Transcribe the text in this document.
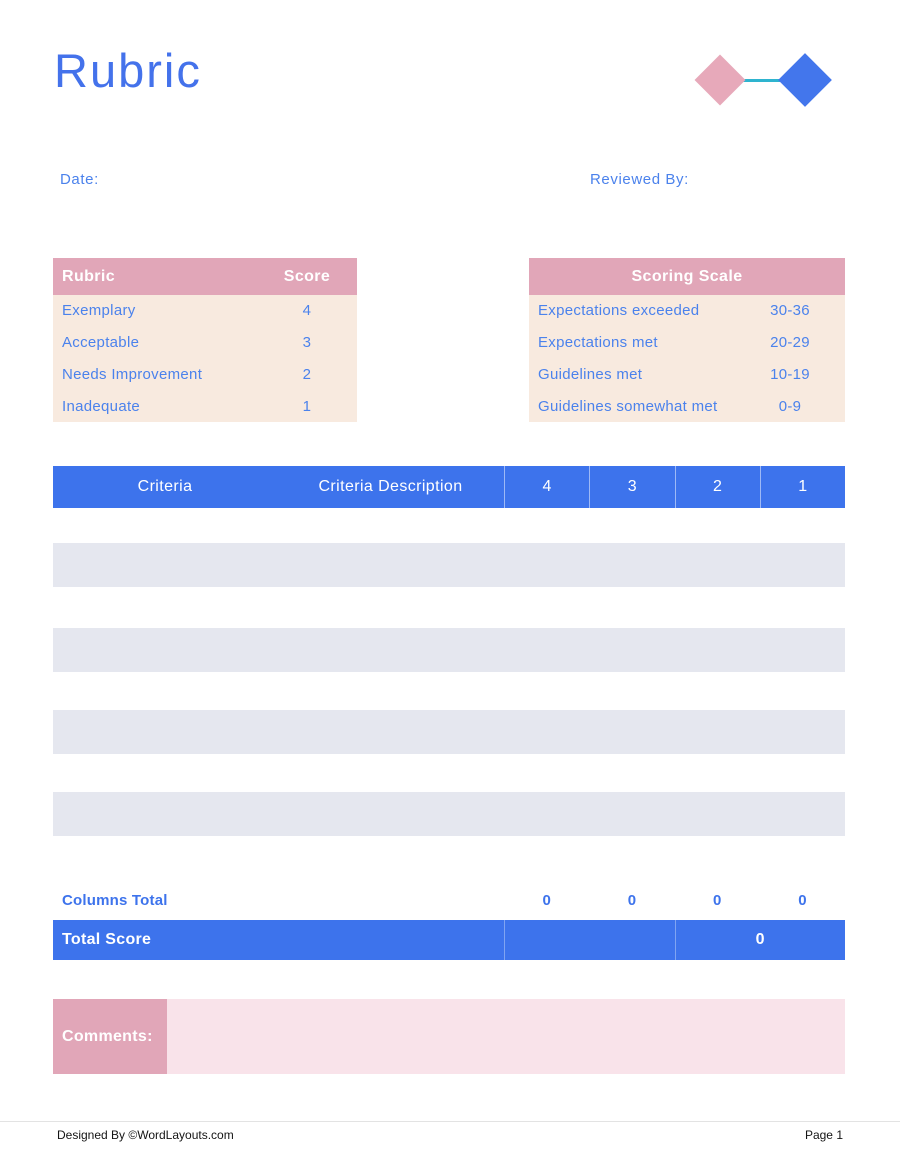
Rubric
Date:	Reviewed By:
Rubric	Score
Exemplary	4
Acceptable	3
Needs Improvement	2
Inadequate	1
Scoring Scale
Expectations exceeded	30-36
Expectations met	20-29
Guidelines met	10-19
Guidelines somewhat met	0-9
Criteria	Criteria Description	4	3	2	1
Columns Total	0	0	0	0
Total Score	0
Comments:
Designed By ©WordLayouts.com	Page 1
